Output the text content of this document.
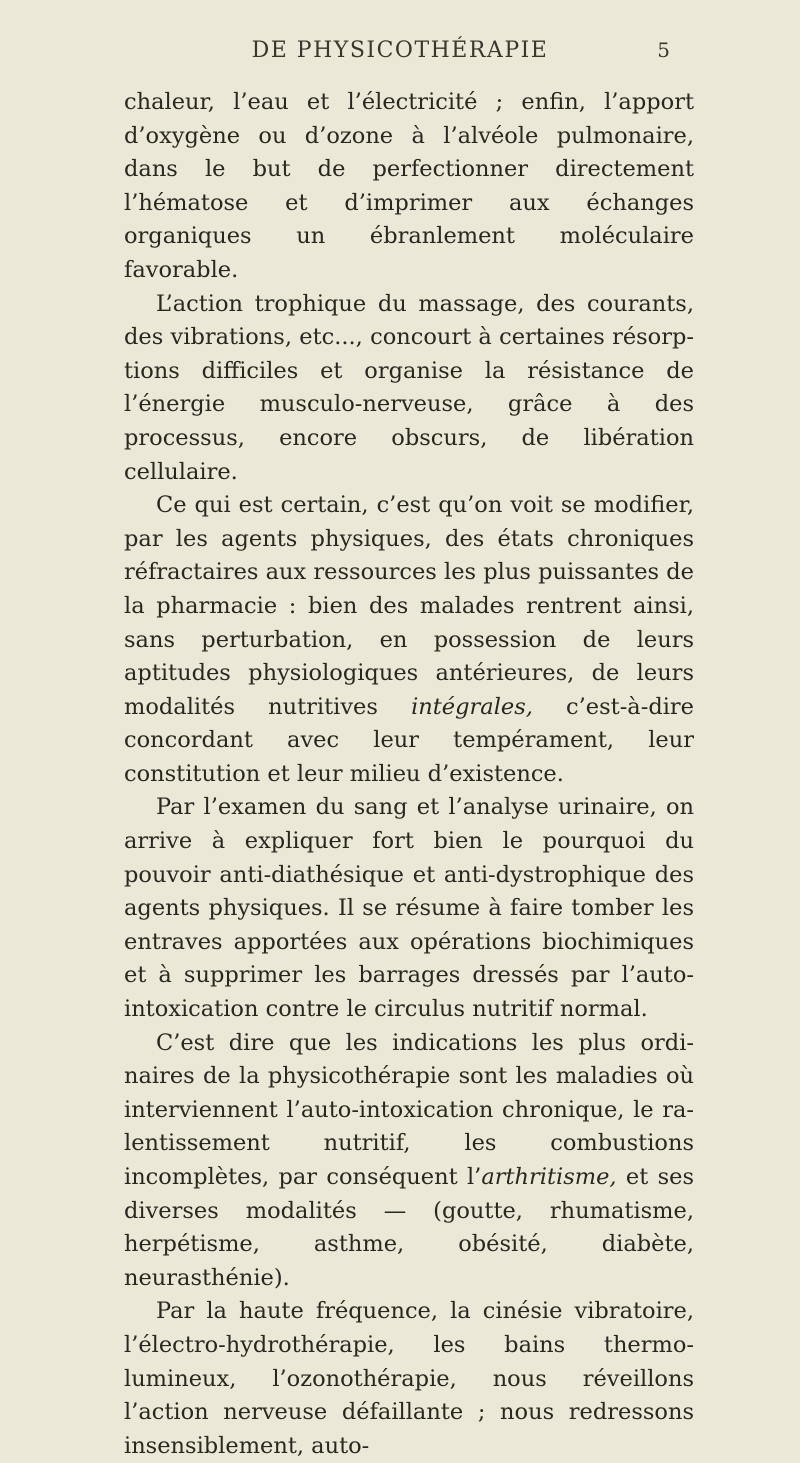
DE PHYSICOTHÉRAPIE	5

chaleur, l’eau et l’électricité ; enfin, l’apport d’oxygène ou d’ozone à l’alvéole pulmonaire, dans le but de perfectionner directement l’hématose et d’imprimer aux échanges organiques un ébranlement moléculaire favorable.

L’action trophique du massage, des courants, des vibrations, etc..., concourt à certaines résorptions difficiles et organise la résistance de l’énergie musculo-nerveuse, grâce à des processus, encore obscurs, de libération cellulaire.

Ce qui est certain, c’est qu’on voit se modifier, par les agents physiques, des états chroniques réfractaires aux ressources les plus puissantes de la pharmacie : bien des malades rentrent ainsi, sans perturbation, en possession de leurs aptitudes physiologiques antérieures, de leurs modalités nutritives intégrales, c’est-à-dire concordant avec leur tempérament, leur constitution et leur milieu d’existence.

Par l’examen du sang et l’analyse urinaire, on arrive à expliquer fort bien le pourquoi du pouvoir anti-diathésique et anti-dystrophique des agents physiques. Il se résume à faire tomber les entraves apportées aux opérations biochimiques et à supprimer les barrages dressés par l’auto-intoxication contre le circulus nutritif normal.

C’est dire que les indications les plus ordinaires de la physicothérapie sont les maladies où interviennent l’auto-intoxication chronique, le ralentissement nutritif, les combustions incomplètes, par conséquent l’arthritisme, et ses diverses modalités — (goutte, rhumatisme, herpétisme, asthme, obésité, diabète, neurasthénie).

Par la haute fréquence, la cinésie vibratoire, l’électro-hydrothérapie, les bains thermo-lumineux, l’ozonothérapie, nous réveillons l’action nerveuse défaillante ; nous redressons insensiblement, auto-
